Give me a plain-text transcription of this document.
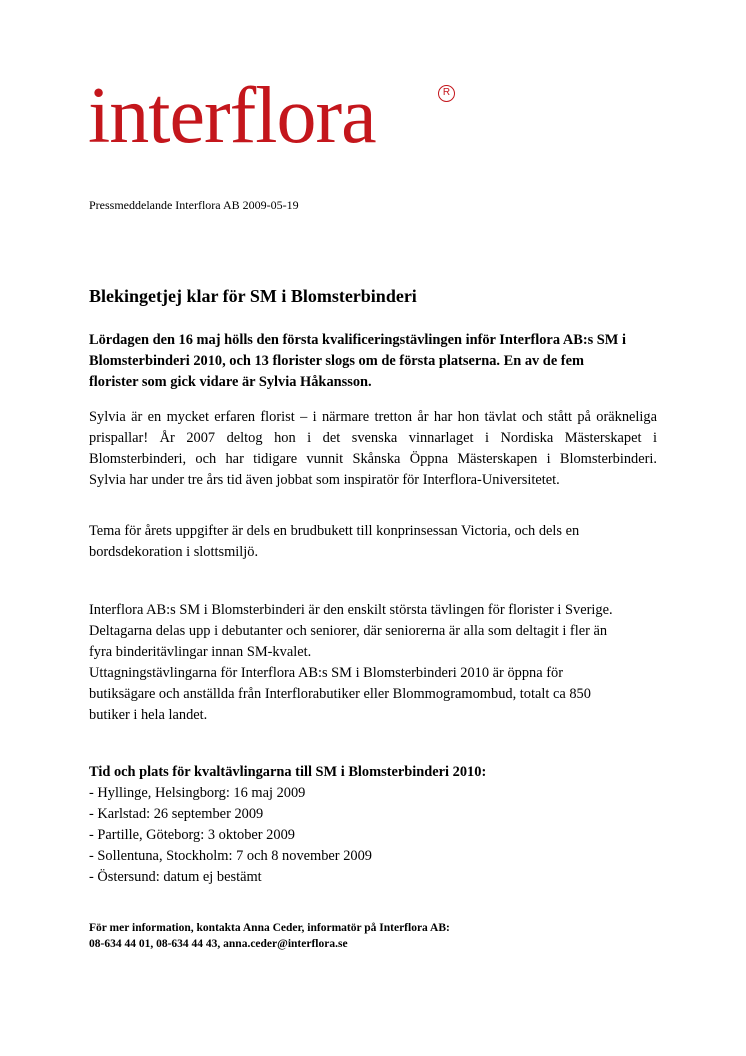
interflora	R
Pressmeddelande Interflora AB 2009-05-19
Blekingetjej klar för SM i Blomsterbinderi

Lördagen den 16 maj hölls den första kvalificeringstävlingen inför Interflora AB:s SM i
Blomsterbinderi 2010, och 13 florister slogs om de första platserna. En av de fem
florister som gick vidare är Sylvia Håkansson.

Sylvia är en mycket erfaren florist – i närmare tretton år har hon tävlat och stått på oräkneliga
prispallar! År 2007 deltog hon i det svenska vinnarlaget i Nordiska Mästerskapet i
Blomsterbinderi, och har tidigare vunnit Skånska Öppna Mästerskapen i Blomsterbinderi.
Sylvia har under tre års tid även jobbat som inspiratör för Interflora-Universitetet.

Tema för årets uppgifter är dels en brudbukett till konprinsessan Victoria, och dels en
bordsdekoration i slottsmiljö.

Interflora AB:s SM i Blomsterbinderi är den enskilt största tävlingen för florister i Sverige.
Deltagarna delas upp i debutanter och seniorer, där seniorerna är alla som deltagit i fler än
fyra binderitävlingar innan SM-kvalet.
Uttagningstävlingarna för Interflora AB:s SM i Blomsterbinderi 2010 är öppna för
butiksägare och anställda från Interflorabutiker eller Blommogramombud, totalt ca 850
butiker i hela landet.

Tid och plats för kvaltävlingarna till SM i Blomsterbinderi 2010:
- Hyllinge, Helsingborg: 16 maj 2009
- Karlstad: 26 september 2009
- Partille, Göteborg: 3 oktober 2009
- Sollentuna, Stockholm: 7 och 8 november 2009
- Östersund: datum ej bestämt
För mer information, kontakta Anna Ceder, informatör på Interflora AB:
08-634 44 01, 08-634 44 43, anna.ceder@interflora.se
